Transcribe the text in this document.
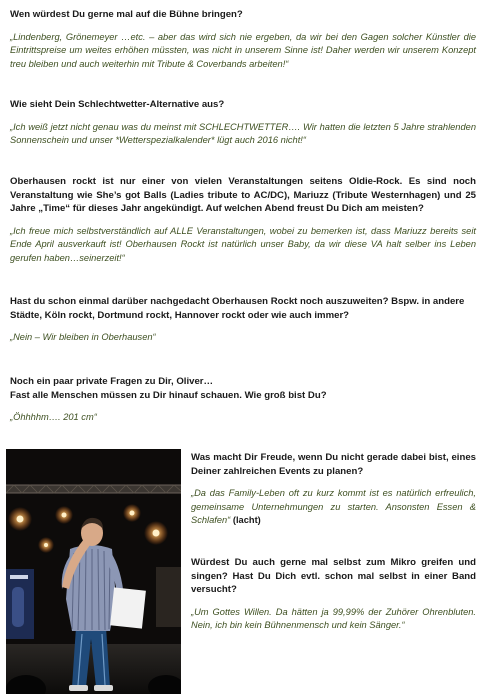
Wen würdest Du gerne mal auf die Bühne bringen?

„Lindenberg, Grönemeyer …etc. – aber das wird sich nie ergeben, da wir bei den Gagen solcher Künstler die Eintrittspreise um weites erhöhen müssten, was nicht in unserem Sinne ist! Daher werden wir unserem Konzept treu bleiben und auch weiterhin mit Tribute & Coverbands arbeiten!“

Wie sieht Dein Schlechtwetter-Alternative aus?

„Ich weiß jetzt nicht genau was du meinst mit SCHLECHTWETTER…. Wir hatten die letzten 5 Jahre strahlenden Sonnenschein und unser *Wetterspezialkalender* lügt auch 2016 nicht!“

Oberhausen rockt ist nur einer von vielen Veranstaltungen seitens Oldie-Rock. Es sind noch Veranstaltung wie She’s got Balls (Ladies tribute to AC/DC), Mariuzz (Tribute Westernhagen) und 25 Jahre „Time“ für dieses Jahr angekündigt. Auf welchen Abend freust Du Dich am meisten?

„Ich freue mich selbstverständlich auf ALLE Veranstaltungen, wobei zu bemerken ist, dass Mariuzz bereits seit Ende April ausverkauft ist! Oberhausen Rockt ist natürlich unser Baby, da wir diese VA halt selber ins Leben gerufen haben…seinerzeit!“

Hast du schon einmal darüber nachgedacht Oberhausen Rockt noch auszuweiten? Bspw. in andere Städte, Köln rockt, Dortmund rockt, Hannover rockt oder wie auch immer?

„Nein – Wir bleiben in Oberhausen“

Noch ein paar private Fragen zu Dir, Oliver…

Fast alle Menschen müssen zu Dir hinauf schauen. Wie groß bist Du?

„Öhhhhm…. 201 cm“

Was macht Dir Freude, wenn Du nicht gerade dabei bist, eines Deiner zahlreichen Events zu planen?

„Da das Family-Leben oft zu kurz kommt ist es natürlich erfreulich, gemeinsame Unternehmungen zu starten. Ansonsten Essen & Schlafen“ (lacht)

Würdest Du auch gerne mal selbst zum Mikro greifen und singen? Hast Du Dich evtl. schon mal selbst in einer Band versucht?

„Um Gottes Willen. Da hätten ja 99,99% der Zuhörer Ohrenbluten. Nein, ich bin kein Bühnenmensch und kein Sänger.“
